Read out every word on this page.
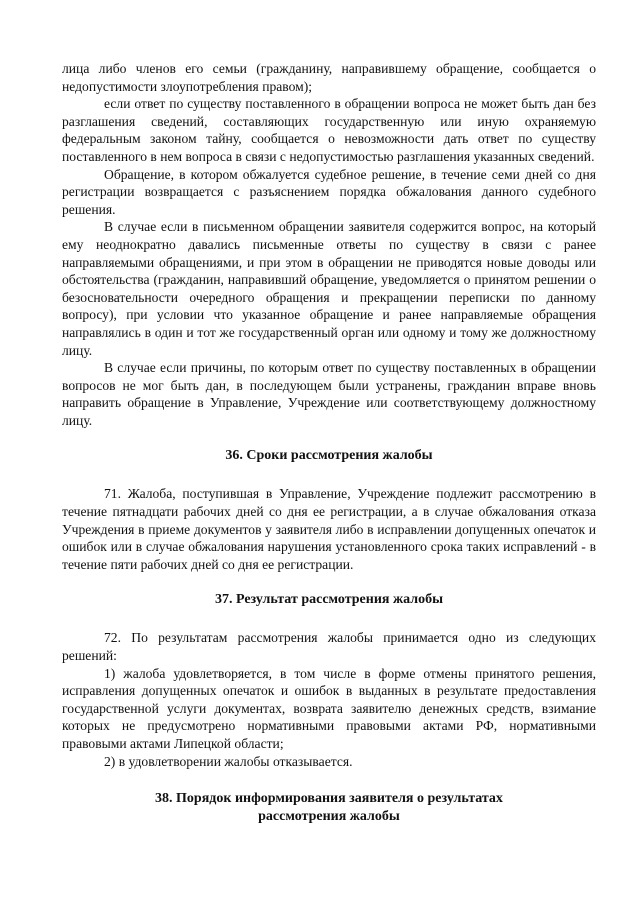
лица либо членов его семьи (гражданину, направившему обращение, сообщается о недопустимости злоупотребления правом);

если ответ по существу поставленного в обращении вопроса не может быть дан без разглашения сведений, составляющих государственную или иную охраняемую федеральным законом тайну, сообщается о невозможности дать ответ по существу поставленного в нем вопроса в связи с недопустимостью разглашения указанных сведений.

Обращение, в котором обжалуется судебное решение, в течение семи дней со дня регистрации возвращается с разъяснением порядка обжалования данного судебного решения.

В случае если в письменном обращении заявителя содержится вопрос, на который ему неоднократно давались письменные ответы по существу в связи с ранее направляемыми обращениями, и при этом в обращении не приводятся новые доводы или обстоятельства (гражданин, направивший обращение, уведомляется о принятом решении о безосновательности очередного обращения и прекращении переписки по данному вопросу), при условии что указанное обращение и ранее направляемые обращения направлялись в один и тот же государственный орган или одному и тому же должностному лицу.

В случае если причины, по которым ответ по существу поставленных в обращении вопросов не мог быть дан, в последующем были устранены, гражданин вправе вновь направить обращение в Управление, Учреждение или соответствующему должностному лицу.

36. Сроки рассмотрения жалобы

71. Жалоба, поступившая в Управление, Учреждение подлежит рассмотрению в течение пятнадцати рабочих дней со дня ее регистрации, а в случае обжалования отказа Учреждения в приеме документов у заявителя либо в исправлении допущенных опечаток и ошибок или в случае обжалования нарушения установленного срока таких исправлений - в течение пяти рабочих дней со дня ее регистрации.

37. Результат рассмотрения жалобы

72. По результатам рассмотрения жалобы принимается одно из следующих решений:

1) жалоба удовлетворяется, в том числе в форме отмены принятого решения, исправления допущенных опечаток и ошибок в выданных в результате предоставления государственной услуги документах, возврата заявителю денежных средств, взимание которых не предусмотрено нормативными правовыми актами РФ, нормативными правовыми актами Липецкой области;

2) в удовлетворении жалобы отказывается.

38. Порядок информирования заявителя о результатах

рассмотрения жалобы
